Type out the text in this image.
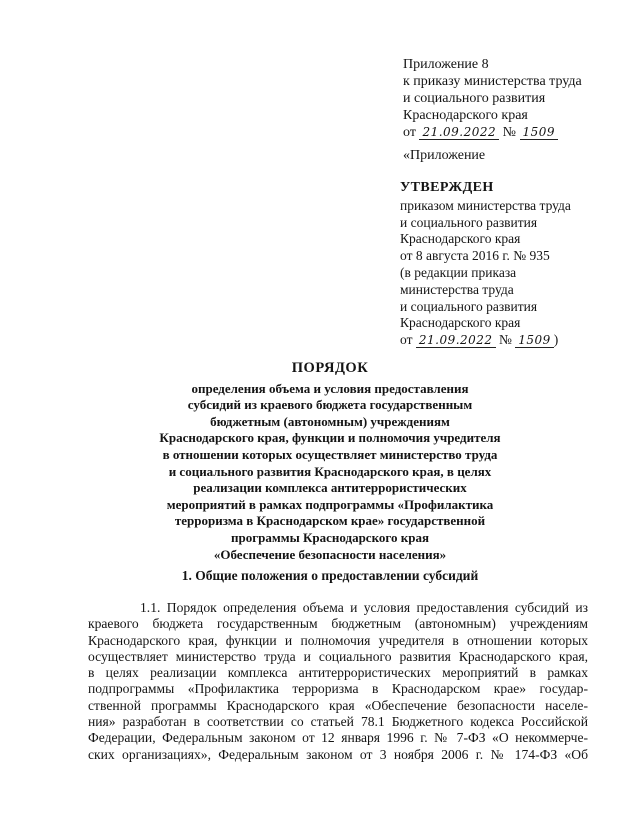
Приложение 8
к приказу министерства труда
и социального развития
Краснодарского края
от 21.09.2022 № 1509
«Приложение
УТВЕРЖДЕН
приказом министерства труда
и социального развития
Краснодарского края
от 8 августа 2016 г. № 935
(в редакции приказа
министерства труда
и социального развития
Краснодарского края
от 21.09.2022 № 1509 )
ПОРЯДОК
определения объема и условия предоставления
субсидий из краевого бюджета государственным
бюджетным (автономным) учреждениям
Краснодарского края, функции и полномочия учредителя
в отношении которых осуществляет министерство труда
и социального развития Краснодарского края, в целях
реализации комплекса антитеррористических
мероприятий в рамках подпрограммы «Профилактика
терроризма в Краснодарском крае» государственной
программы Краснодарского края
«Обеспечение безопасности населения»
1. Общие положения о предоставлении субсидий
1.1. Порядок определения объема и условия предоставления субсидий из
краевого бюджета государственным бюджетным (автономным) учреждениям
Краснодарского края, функции и полномочия учредителя в отношении которых
осуществляет министерство труда и социального развития Краснодарского края,
в целях реализации комплекса антитеррористических мероприятий в рамках
подпрограммы «Профилактика терроризма в Краснодарском крае» государ-
ственной программы Краснодарского края «Обеспечение безопасности населе-
ния» разработан в соответствии со статьей 78.1 Бюджетного кодекса Российской
Федерации, Федеральным законом от 12 января 1996 г. № 7-ФЗ «О некоммерче-
ских организациях», Федеральным законом от 3 ноября 2006 г. № 174-ФЗ «Об
